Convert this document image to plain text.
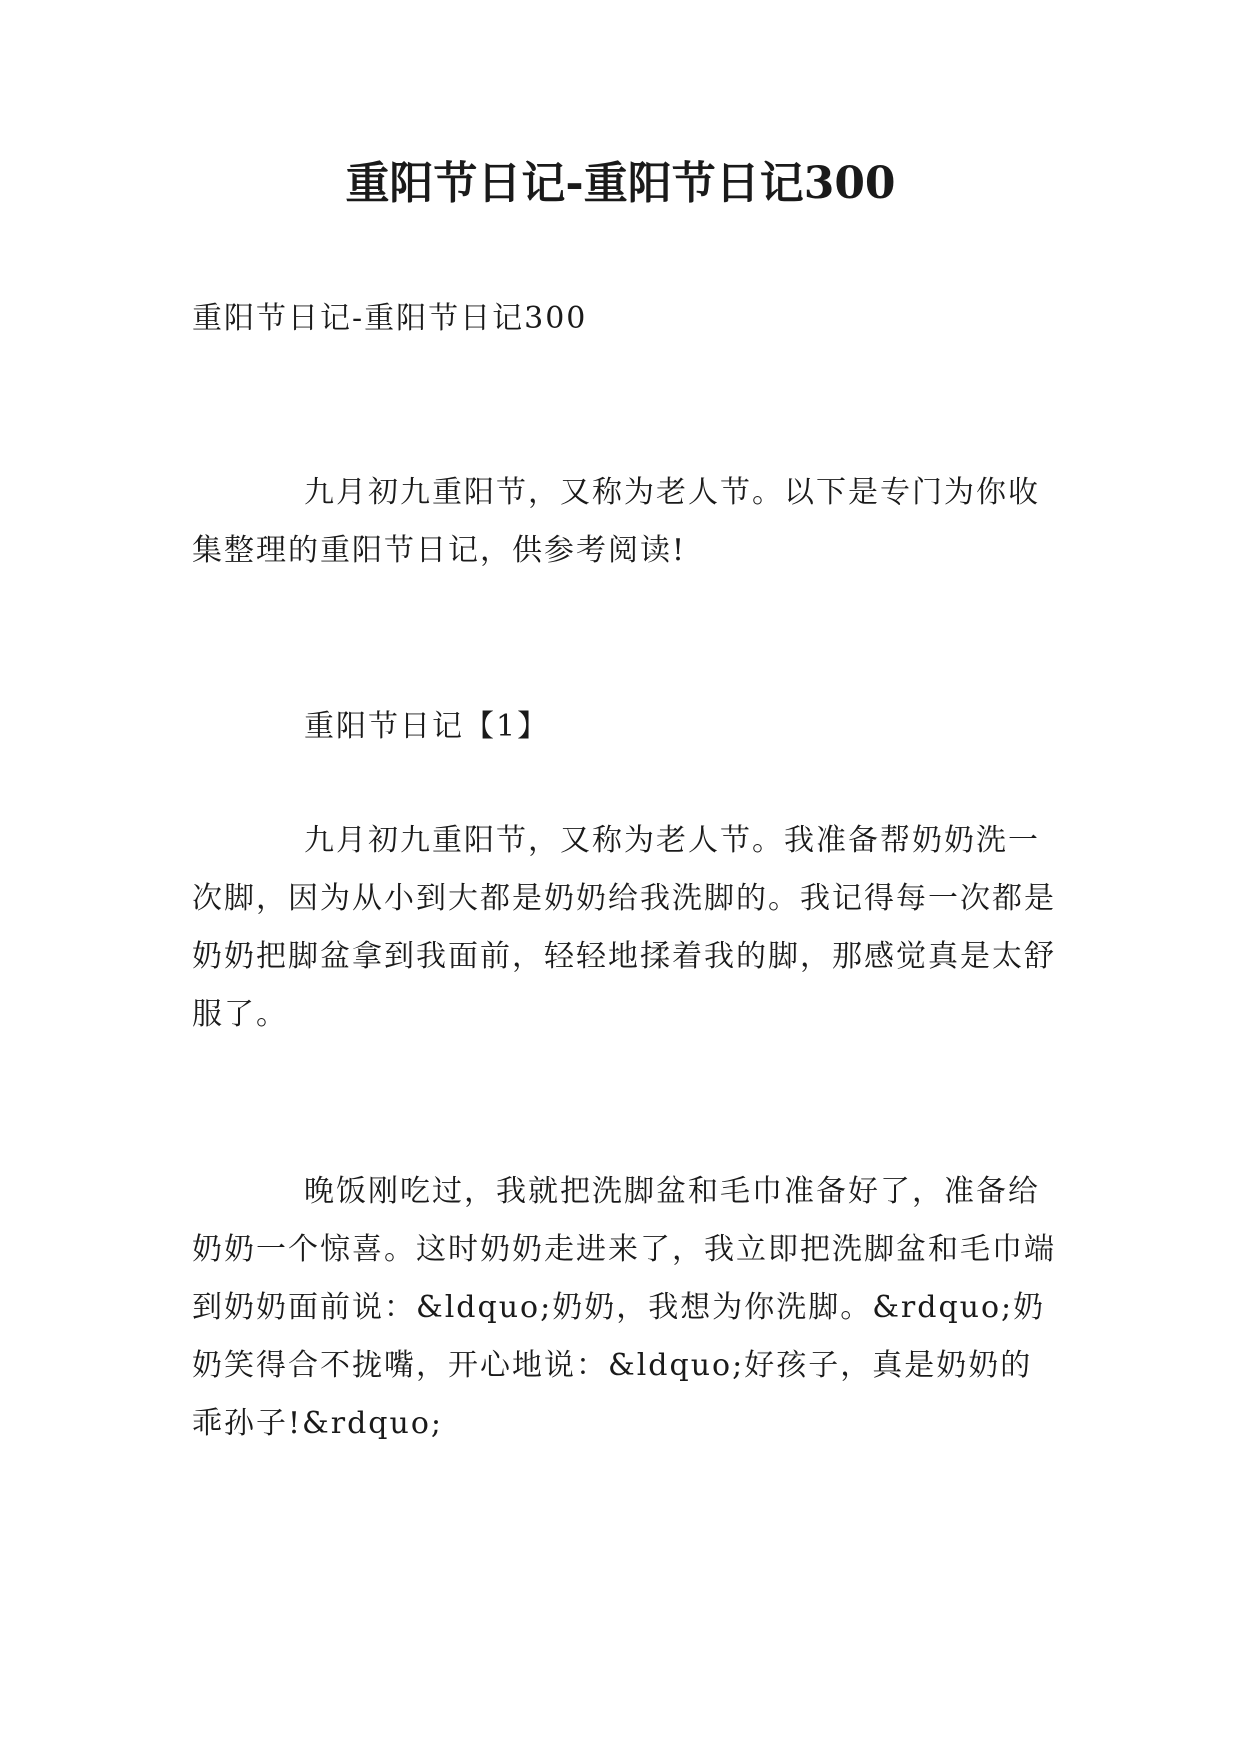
重阳节日记-重阳节日记300

重阳节日记-重阳节日记300

九月初九重阳节，又称为老人节。以下是专门为你收集整理的重阳节日记，供参考阅读!

重阳节日记【1】

九月初九重阳节，又称为老人节。我准备帮奶奶洗一次脚，因为从小到大都是奶奶给我洗脚的。我记得每一次都是奶奶把脚盆拿到我面前，轻轻地揉着我的脚，那感觉真是太舒服了。

晚饭刚吃过，我就把洗脚盆和毛巾准备好了，准备给奶奶一个惊喜。这时奶奶走进来了，我立即把洗脚盆和毛巾端到奶奶面前说：&ldquo;奶奶，我想为你洗脚。&rdquo;奶奶笑得合不拢嘴，开心地说：&ldquo;好孩子，真是奶奶的乖孙子!&rdquo;
